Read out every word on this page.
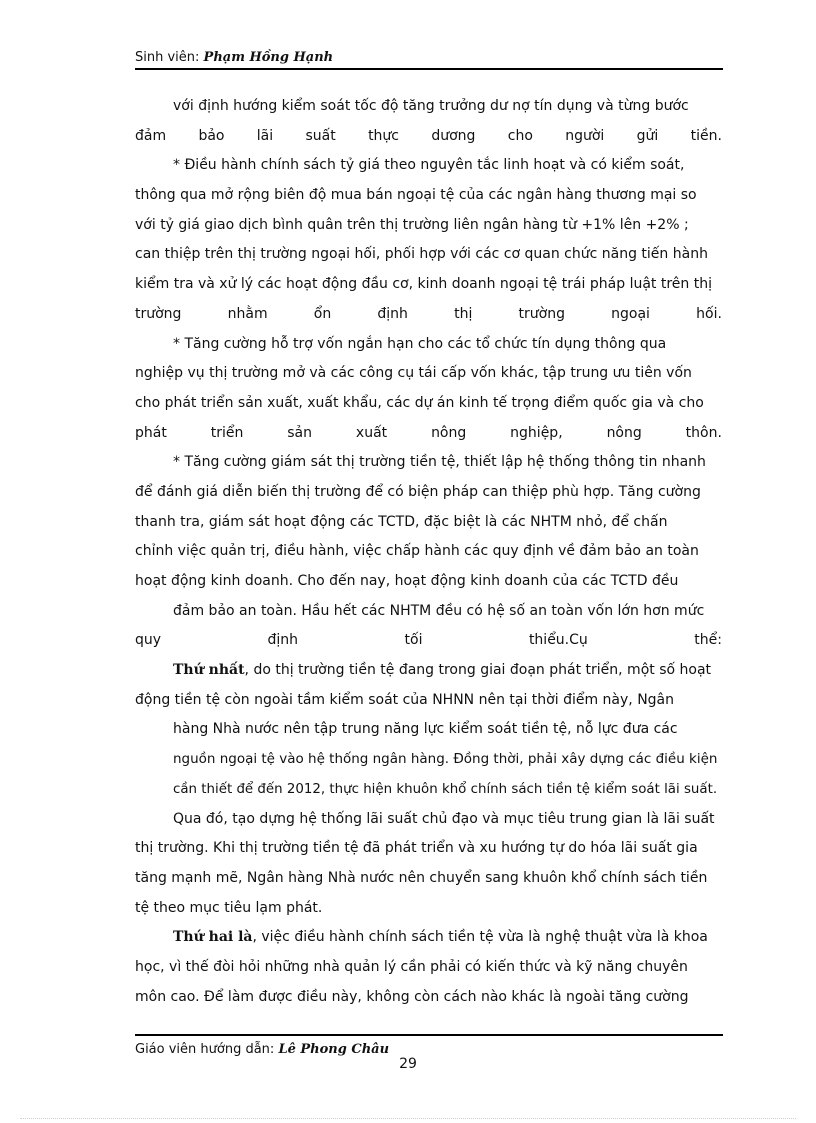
Sinh viên: Phạm Hồng Hạnh
với định hướng kiểm soát tốc độ tăng trưởng dư nợ tín dụng và từng bước
đảm bảo lãi suất thực dương cho người gửi tiền.
* Điều hành chính sách tỷ giá theo nguyên tắc linh hoạt và có kiểm soát,
thông qua mở rộng biên độ mua bán ngoại tệ của các ngân hàng thương mại so
với tỷ giá giao dịch bình quân trên thị trường liên ngân hàng từ +1% lên +2% ;
can thiệp trên thị trường ngoại hối, phối hợp với các cơ quan chức năng tiến hành
kiểm tra và xử lý các hoạt động đầu cơ, kinh doanh ngoại tệ trái pháp luật trên thị
trường	nhằm	ổn	định	thị	trường	ngoại	hối.
* Tăng cường hỗ trợ vốn ngắn hạn cho các tổ chức tín dụng thông qua
nghiệp vụ thị trường mở và các công cụ tái cấp vốn khác, tập trung ưu tiên vốn
cho phát triển sản xuất, xuất khẩu, các dự án kinh tế trọng điểm quốc gia và cho
phát	triển	sản	xuất	nông	nghiệp,	nông	thôn.
* Tăng cường giám sát thị trường tiền tệ, thiết lập hệ thống thông tin nhanh
để đánh giá diễn biến thị trường để có biện pháp can thiệp phù hợp. Tăng cường
thanh tra, giám sát hoạt động các TCTD, đặc biệt là các NHTM nhỏ, để chấn
chỉnh việc quản trị, điều hành, việc chấp hành các quy định về đảm bảo an toàn
hoạt động kinh doanh. Cho đến nay, hoạt động kinh doanh của các TCTD đều
đảm bảo an toàn. Hầu hết các NHTM đều có hệ số an toàn vốn lớn hơn mức
quy	định	tối	thiểu.Cụ	thể:
Thứ nhất, do thị trường tiền tệ đang trong giai đoạn phát triển, một số hoạt
động tiền tệ còn ngoài tầm kiểm soát của NHNN nên tại thời điểm này, Ngân
hàng Nhà nước nên tập trung năng lực kiểm soát tiền tệ, nỗ lực đưa các
nguồn ngoại tệ vào hệ thống ngân hàng. Đồng thời, phải xây dựng các điều kiện
cần thiết để đến 2012, thực hiện khuôn khổ chính sách tiền tệ kiểm soát lãi suất.
Qua đó, tạo dựng hệ thống lãi suất chủ đạo và mục tiêu trung gian là lãi suất
thị trường. Khi thị trường tiền tệ đã phát triển và xu hướng tự do hóa lãi suất gia
tăng mạnh mẽ, Ngân hàng Nhà nước nên chuyển sang khuôn khổ chính sách tiền
tệ theo mục tiêu lạm phát.
Thứ hai là, việc điều hành chính sách tiền tệ vừa là nghệ thuật vừa là khoa
học, vì thế đòi hỏi những nhà quản lý cần phải có kiến thức và kỹ năng chuyên
môn cao. Để làm được điều này, không còn cách nào khác là ngoài tăng cường
Giáo viên hướng dẫn: Lê Phong Châu
29
